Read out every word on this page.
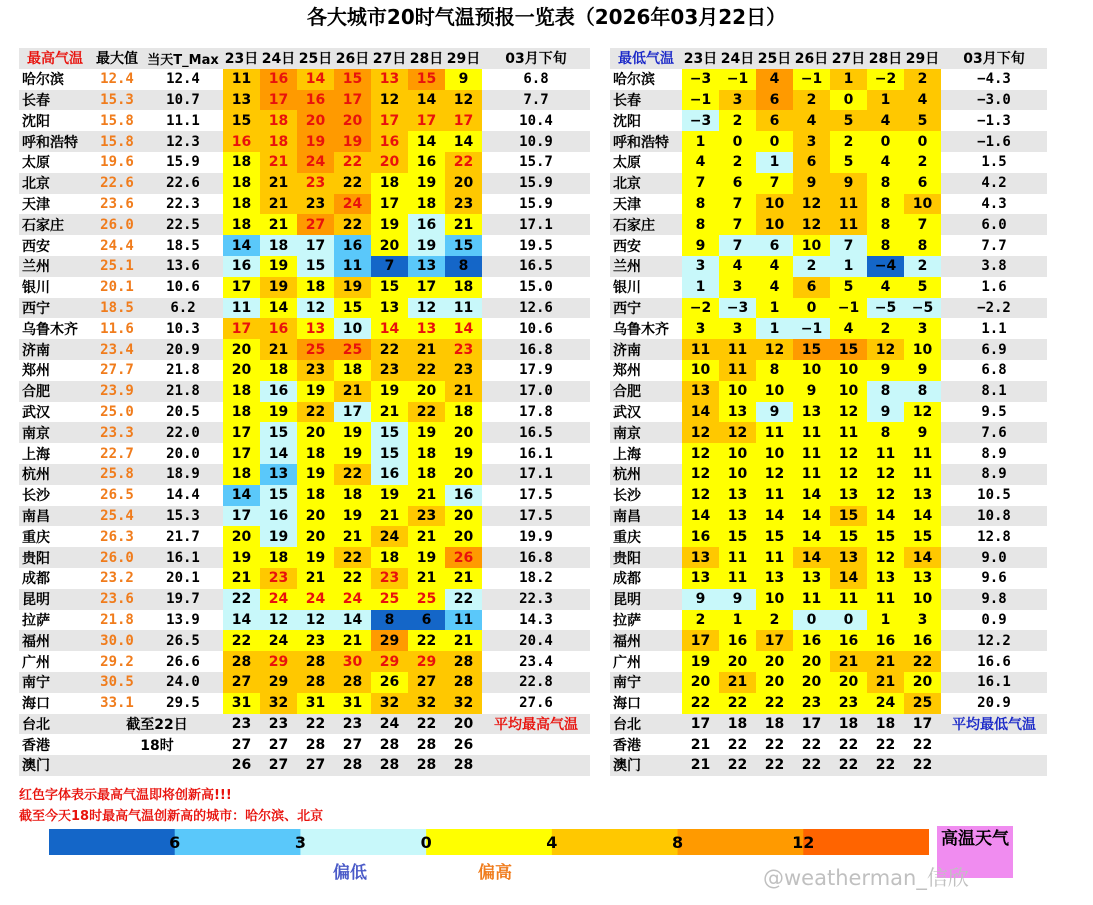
各大城市20时气温预报一览表（2026年03月22日）
最高气温	最大值	当天T_Max	23日	24日	25日	26日	27日	28日	29日	03月下旬
哈尔滨	12.4	12.4	11	16	14	15	13	15	9	6.8
长春	15.3	10.7	13	17	16	17	12	14	12	7.7
沈阳	15.8	11.1	15	18	20	20	17	17	17	10.4
呼和浩特	15.8	12.3	16	18	19	19	16	14	14	10.9
太原	19.6	15.9	18	21	24	22	20	16	22	15.7
北京	22.6	22.6	18	21	23	22	18	19	20	15.9
天津	23.6	22.3	18	21	23	24	17	18	23	15.9
石家庄	26.0	22.5	18	21	27	22	19	16	21	17.1
西安	24.4	18.5	14	18	17	16	20	19	15	19.5
兰州	25.1	13.6	16	19	15	11	7	13	8	16.5
银川	20.1	10.6	17	19	18	19	15	17	18	15.0
西宁	18.5	6.2	11	14	12	15	13	12	11	12.6
乌鲁木齐	11.6	10.3	17	16	13	10	14	13	14	10.6
济南	23.4	20.9	20	21	25	25	22	21	23	16.8
郑州	27.7	21.8	20	18	23	18	23	22	23	17.9
合肥	23.9	21.8	18	16	19	21	19	20	21	17.0
武汉	25.0	20.5	18	19	22	17	21	22	18	17.8
南京	23.3	22.0	17	15	20	19	15	19	20	16.5
上海	22.7	20.0	17	14	18	19	15	18	19	16.1
杭州	25.8	18.9	18	13	19	22	16	18	20	17.1
长沙	26.5	14.4	14	15	18	18	19	21	16	17.5
南昌	25.4	15.3	17	16	20	19	21	23	20	17.5
重庆	26.3	21.7	20	19	20	21	24	21	20	19.9
贵阳	26.0	16.1	19	18	19	22	18	19	26	16.8
成都	23.2	20.1	21	23	21	22	23	21	21	18.2
昆明	23.6	19.7	22	24	24	24	25	25	22	22.3
拉萨	21.8	13.9	14	12	12	14	8	6	11	14.3
福州	30.0	26.5	22	24	23	21	29	22	21	20.4
广州	29.2	26.6	28	29	28	30	29	29	28	23.4
南宁	30.5	24.0	27	29	28	28	26	27	28	22.8
海口	33.1	29.5	31	32	31	31	32	32	32	27.6
台北	截至22日		23	23	22	23	24	22	20	平均最高气温
香港	18时		27	27	28	27	28	28	26	
澳门			26	27	27	28	28	28	28	
最低气温	23日	24日	25日	26日	27日	28日	29日	03月下旬
哈尔滨	−3	−1	4	−1	1	−2	2	−4.3
长春	−1	3	6	2	0	1	4	−3.0
沈阳	−3	2	6	4	5	4	5	−1.3
呼和浩特	1	0	0	3	2	0	0	−1.6
太原	4	2	1	6	5	4	2	1.5
北京	7	6	7	9	9	8	6	4.2
天津	8	7	10	12	11	8	10	4.3
石家庄	8	7	10	12	11	8	7	6.0
西安	9	7	6	10	7	8	8	7.7
兰州	3	4	4	2	1	−4	2	3.8
银川	1	3	4	6	5	4	5	1.6
西宁	−2	−3	1	0	−1	−5	−5	−2.2
乌鲁木齐	3	3	1	−1	4	2	3	1.1
济南	11	11	12	15	15	12	10	6.9
郑州	10	11	8	10	10	9	9	6.8
合肥	13	10	10	9	10	8	8	8.1
武汉	14	13	9	13	12	9	12	9.5
南京	12	12	11	11	11	8	9	7.6
上海	12	10	10	11	12	11	11	8.9
杭州	12	10	12	11	12	12	11	8.9
长沙	12	13	11	14	13	12	13	10.5
南昌	14	13	14	14	15	14	14	10.8
重庆	16	15	15	14	15	15	15	12.8
贵阳	13	11	11	14	13	12	14	9.0
成都	13	11	13	13	14	13	13	9.6
昆明	9	9	10	11	11	11	10	9.8
拉萨	2	1	2	0	0	1	3	0.9
福州	17	16	17	16	16	16	16	12.2
广州	19	20	20	20	21	21	22	16.6
南宁	20	21	20	20	20	21	20	16.1
海口	22	22	22	23	23	24	25	20.9
台北	17	18	18	17	18	18	17	平均最低气温
香港	21	22	22	22	22	22	22	
澳门	21	22	22	22	22	22	22	
红色字体表示最高气温即将创新高!!!
截至今天18时最高气温创新高的城市：哈尔滨、北京
6	3	0	4	8	12	高温天气
偏低	偏高	@weatherman_信欣
